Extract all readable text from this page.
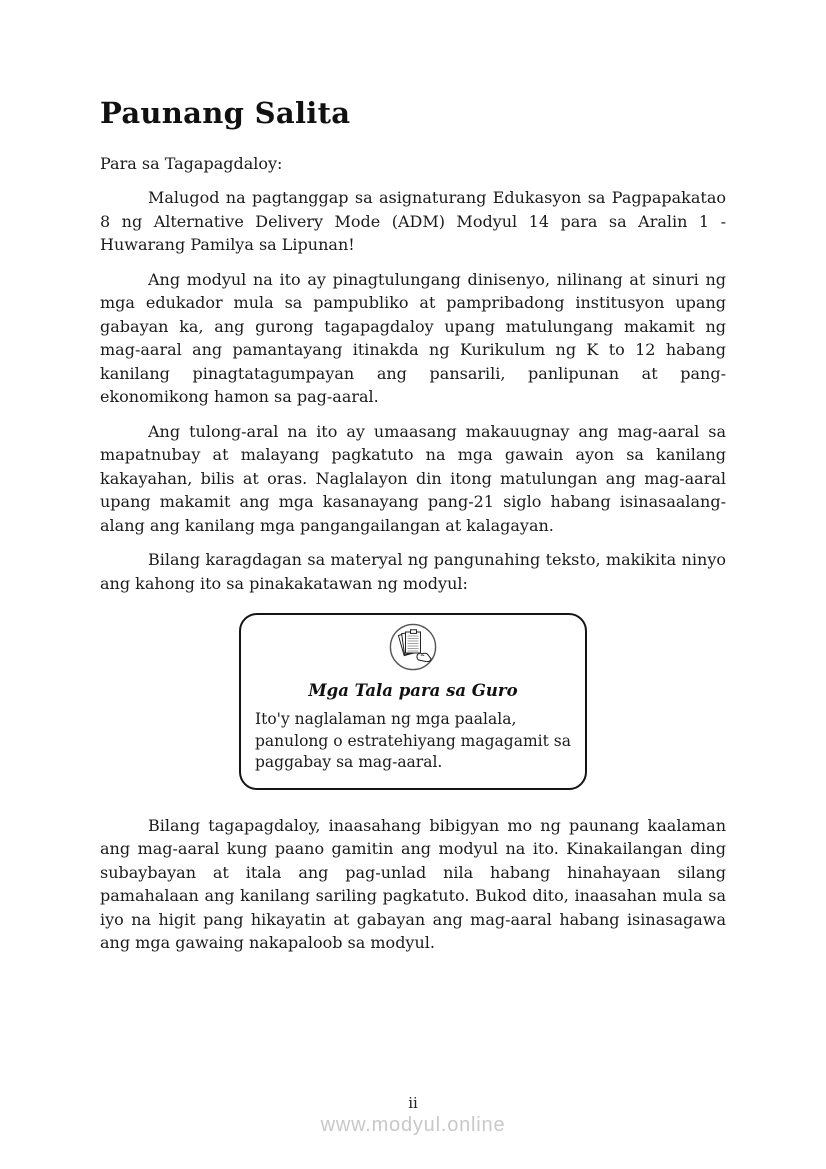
Paunang Salita
Para sa Tagapagdaloy:

Malugod na pagtanggap sa asignaturang Edukasyon sa Pagpapakatao 8 ng Alternative Delivery Mode (ADM) Modyul 14 para sa Aralin 1 - Huwarang Pamilya sa Lipunan!

Ang modyul na ito ay pinagtulungang dinisenyo, nilinang at sinuri ng mga edukador mula sa pampubliko at pampribadong institusyon upang gabayan ka, ang gurong tagapagdaloy upang matulungang makamit ng mag-aaral ang pamantayang itinakda ng Kurikulum ng K to 12 habang kanilang pinagtatagumpayan ang pansarili, panlipunan at pang-ekonomikong hamon sa pag-aaral.

Ang tulong-aral na ito ay umaasang makauugnay ang mag-aaral sa mapatnubay at malayang pagkatuto na mga gawain ayon sa kanilang kakayahan, bilis at oras. Naglalayon din itong matulungan ang mag-aaral upang makamit ang mga kasanayang pang-21 siglo habang isinasaalang-alang ang kanilang mga pangangailangan at kalagayan.

Bilang karagdagan sa materyal ng pangunahing teksto, makikita ninyo ang kahong ito sa pinakakatawan ng modyul:

Mga Tala para sa Guro

Ito'y naglalaman ng mga paalala, panulong o estratehiyang magagamit sa paggabay sa mag-aaral.

Bilang tagapagdaloy, inaasahang bibigyan mo ng paunang kaalaman ang mag-aaral kung paano gamitin ang modyul na ito. Kinakailangan ding subaybayan at itala ang pag-unlad nila habang hinahayaan silang pamahalaan ang kanilang sariling pagkatuto. Bukod dito, inaasahan mula sa iyo na higit pang hikayatin at gabayan ang mag-aaral habang isinasagawa ang mga gawaing nakapaloob sa modyul.

ii
www.modyul.online
